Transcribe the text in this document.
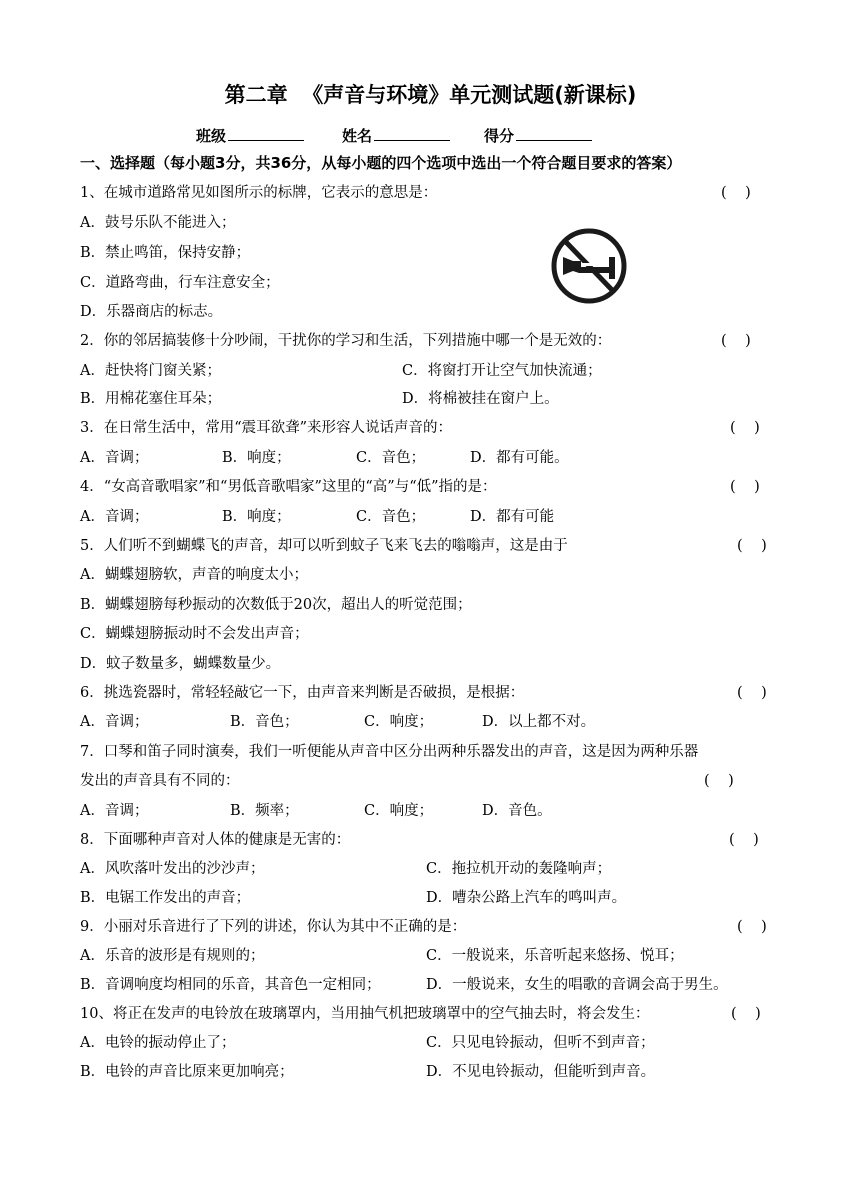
第二章  《声音与环境》单元测试题(新课标)
班级	姓名	得分
一、选择题（每小题3分，共36分，从每小题的四个选项中选出一个符合题目要求的答案）
1、在城市道路常见如图所示的标牌，它表示的意思是：	(    )
A．鼓号乐队不能进入；
B．禁止鸣笛，保持安静；
C．道路弯曲，行车注意安全；
D．乐器商店的标志。
2．你的邻居搞装修十分吵闹，干扰你的学习和生活，下列措施中哪一个是无效的：	(    )
A．赶快将门窗关紧；	C．将窗打开让空气加快流通；
B．用棉花塞住耳朵；	D．将棉被挂在窗户上。
3．在日常生活中，常用“震耳欲聋”来形容人说话声音的：	(    )
A．音调；	B．响度；	C．音色；	D．都有可能。
4．“女高音歌唱家”和“男低音歌唱家”这里的“高”与“低”指的是：	(    )
A．音调；	B．响度；	C．音色；	D．都有可能
5．人们听不到蝴蝶飞的声音，却可以听到蚊子飞来飞去的嗡嗡声，这是由于	(    )
A．蝴蝶翅膀软，声音的响度太小；
B．蝴蝶翅膀每秒振动的次数低于20次，超出人的听觉范围；
C．蝴蝶翅膀振动时不会发出声音；
D．蚊子数量多，蝴蝶数量少。
6．挑选瓷器时，常轻轻敲它一下，由声音来判断是否破损，是根据：	(    )
A．音调；	B．音色；	C．响度；	D．以上都不对。
7．口琴和笛子同时演奏，我们一听便能从声音中区分出两种乐器发出的声音，这是因为两种乐器
发出的声音具有不同的：	(    )
A．音调；	B．频率；	C．响度；	D．音色。
8．下面哪种声音对人体的健康是无害的：	(    )
A．风吹落叶发出的沙沙声；	C．拖拉机开动的轰隆响声；
B．电锯工作发出的声音；	D．嘈杂公路上汽车的鸣叫声。
9．小丽对乐音进行了下列的讲述，你认为其中不正确的是：	(    )
A．乐音的波形是有规则的；	C．一般说来，乐音听起来悠扬、悦耳；
B．音调响度均相同的乐音，其音色一定相同；	D．一般说来，女生的唱歌的音调会高于男生。
10、将正在发声的电铃放在玻璃罩内，当用抽气机把玻璃罩中的空气抽去时，将会发生：	(    )
A．电铃的振动停止了；	C．只见电铃振动，但听不到声音；
B．电铃的声音比原来更加响亮；	D．不见电铃振动，但能听到声音。
